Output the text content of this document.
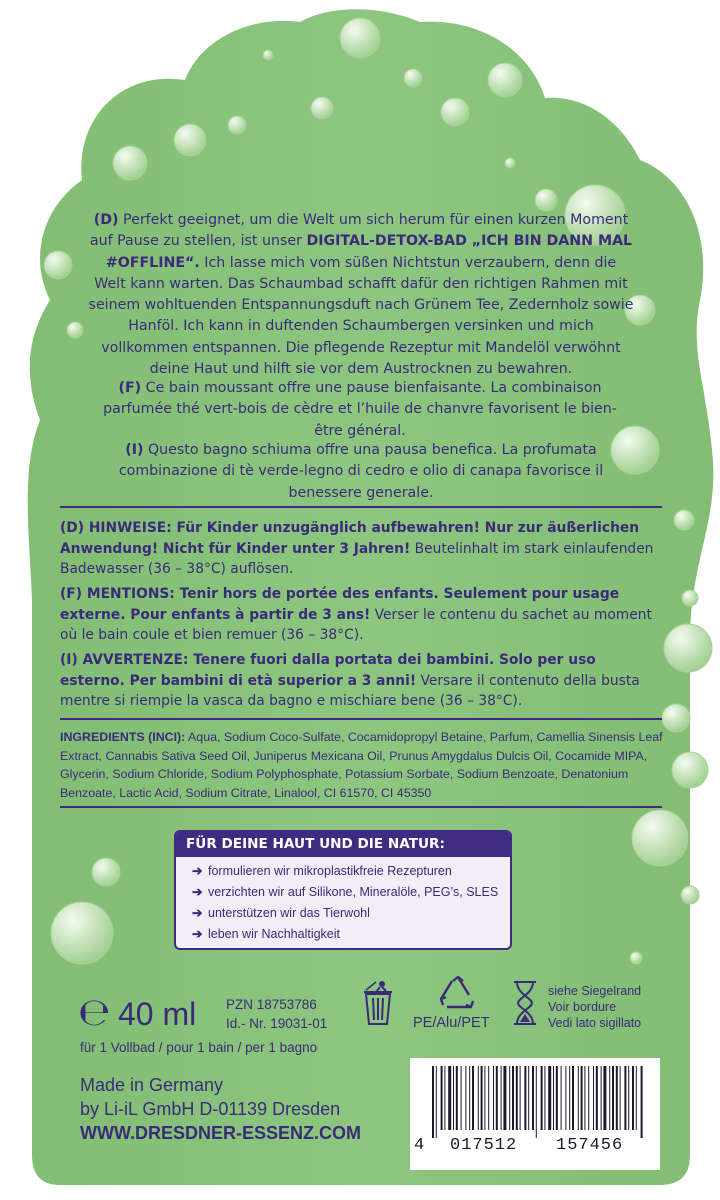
(D) Perfekt geeignet, um die Welt um sich herum für einen kurzen Moment auf Pause zu stellen, ist unser DIGITAL-DETOX-BAD „ICH BIN DANN MAL #OFFLINE“. Ich lasse mich vom süßen Nichtstun verzaubern, denn die Welt kann warten. Das Schaumbad schafft dafür den richtigen Rahmen mit seinem wohltuenden Entspannungsduft nach Grünem Tee, Zedernholz sowie Hanföl. Ich kann in duftenden Schaumbergen versinken und mich vollkommen entspannen. Die pflegende Rezeptur mit Mandelöl verwöhnt deine Haut und hilft sie vor dem Austrocknen zu bewahren.
(F) Ce bain moussant offre une pause bienfaisante. La combinaison parfumée thé vert-bois de cèdre et l’huile de chanvre favorisent le bien-être général.
(I) Questo bagno schiuma offre una pausa benefica. La profumata combinazione di tè verde-legno di cedro e olio di canapa favorisce il benessere generale.
(D) HINWEISE: Für Kinder unzugänglich aufbewahren! Nur zur äußerlichen Anwendung! Nicht für Kinder unter 3 Jahren! Beutelinhalt im stark einlaufenden Badewasser (36 – 38°C) auflösen.
(F) MENTIONS: Tenir hors de portée des enfants. Seulement pour usage externe. Pour enfants à partir de 3 ans! Verser le contenu du sachet au moment où le bain coule et bien remuer (36 – 38°C).
(I) AVVERTENZE: Tenere fuori dalla portata dei bambini. Solo per uso esterno. Per bambini di età superior a 3 anni! Versare il contenuto della busta mentre si riempie la vasca da bagno e mischiare bene (36 – 38°C).
INGREDIENTS (INCI): Aqua, Sodium Coco-Sulfate, Cocamidopropyl Betaine, Parfum, Camellia Sinensis Leaf Extract, Cannabis Sativa Seed Oil, Juniperus Mexicana Oil, Prunus Amygdalus Dulcis Oil, Cocamide MIPA, Glycerin, Sodium Chloride, Sodium Polyphosphate, Potassium Sorbate, Sodium Benzoate, Denatonium Benzoate, Lactic Acid, Sodium Citrate, Linalool, CI 61570, CI 45350
FÜR DEINE HAUT UND DIE NATUR:
➔ formulieren wir mikroplastikfreie Rezepturen
➔ verzichten wir auf Silikone, Mineralöle, PEG’s, SLES
➔ unterstützen wir das Tierwohl
➔ leben wir Nachhaltigkeit
℮ 40 ml PZN 18753786
Id.- Nr. 19031-01	PE/Alu/PET
siehe Siegelrand
Voir bordure
Vedi lato sigillato
für 1 Vollbad / pour 1 bain / per 1 bagno
Made in Germany
by Li-iL GmbH D-01139 Dresden
WWW.DRESDNER-ESSENZ.COM
4 017512 157456
